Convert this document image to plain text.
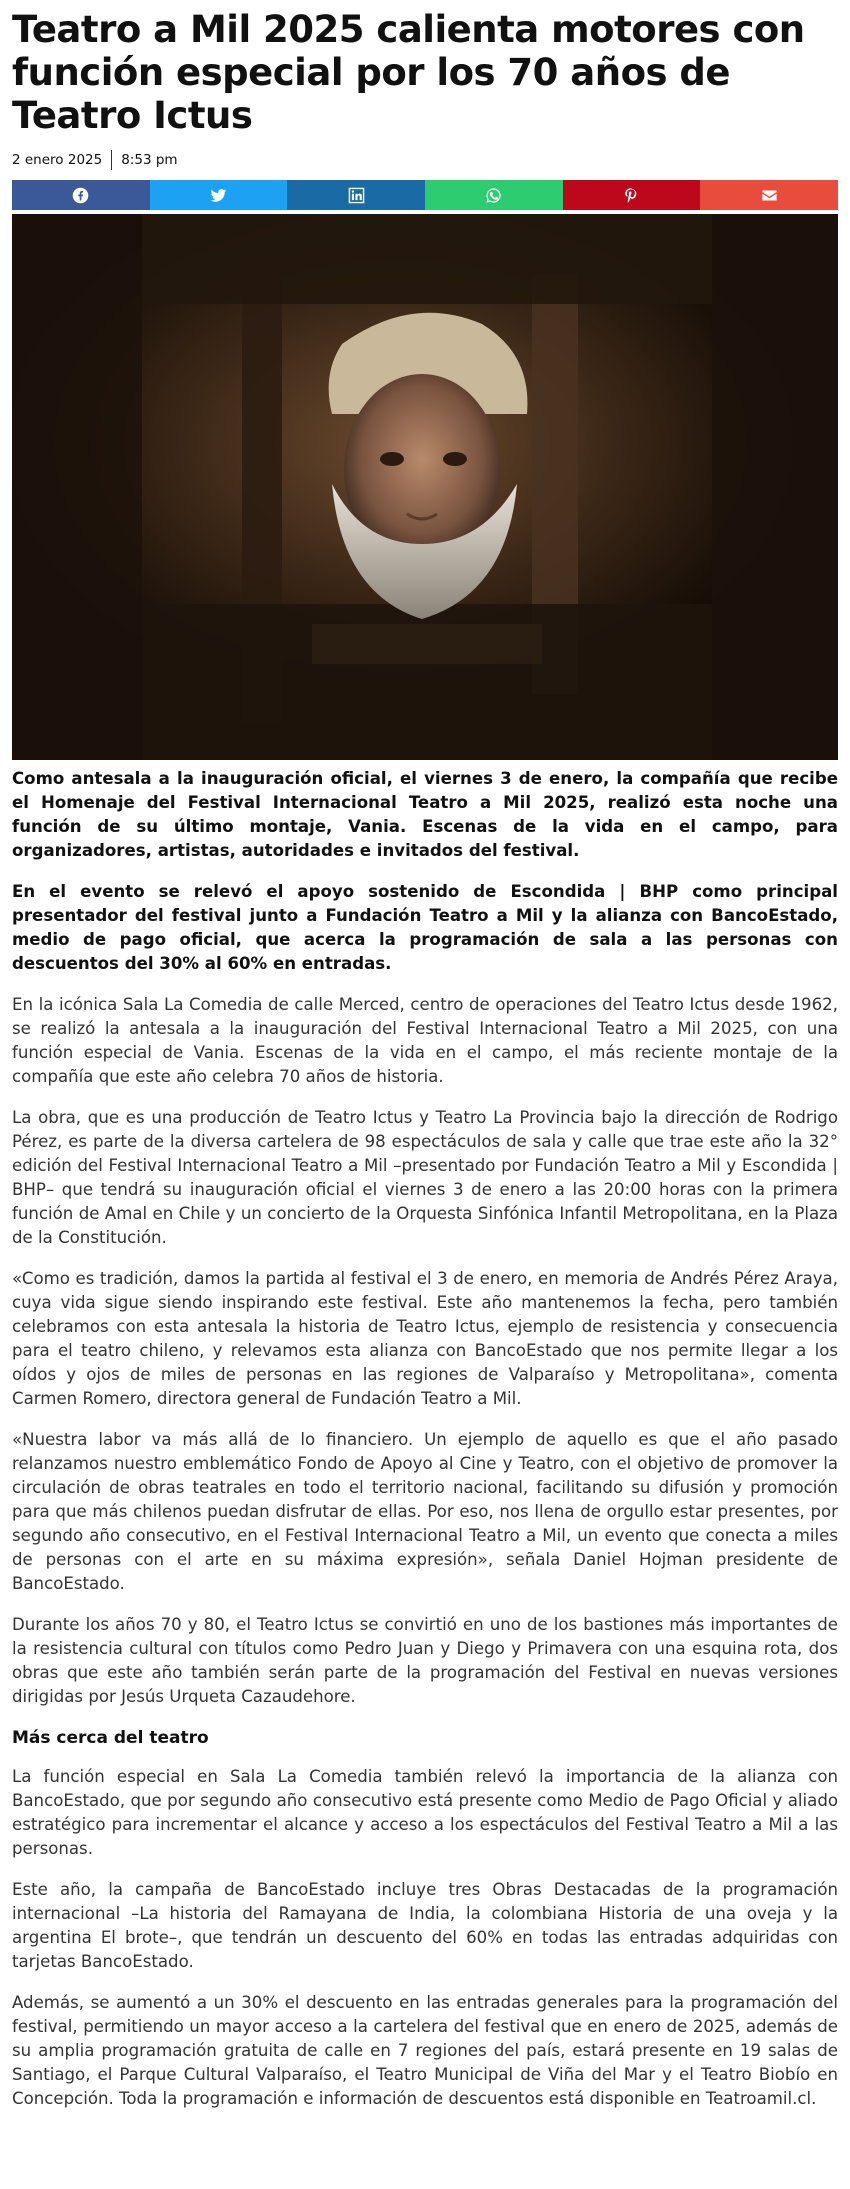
Teatro a Mil 2025 calienta motores con función especial por los 70 años de Teatro Ictus
2 enero 2025 8:53 pm

Como antesala a la inauguración oficial, el viernes 3 de enero, la compañía que recibe el Homenaje del Festival Internacional Teatro a Mil 2025, realizó esta noche una función de su último montaje, Vania. Escenas de la vida en el campo, para organizadores, artistas, autoridades e invitados del festival.

En el evento se relevó el apoyo sostenido de Escondida | BHP como principal presentador del festival junto a Fundación Teatro a Mil y la alianza con BancoEstado, medio de pago oficial, que acerca la programación de sala a las personas con descuentos del 30% al 60% en entradas.

En la icónica Sala La Comedia de calle Merced, centro de operaciones del Teatro Ictus desde 1962, se realizó la antesala a la inauguración del Festival Internacional Teatro a Mil 2025, con una función especial de Vania. Escenas de la vida en el campo, el más reciente montaje de la compañía que este año celebra 70 años de historia.

La obra, que es una producción de Teatro Ictus y Teatro La Provincia bajo la dirección de Rodrigo Pérez, es parte de la diversa cartelera de 98 espectáculos de sala y calle que trae este año la 32° edición del Festival Internacional Teatro a Mil –presentado por Fundación Teatro a Mil y Escondida | BHP– que tendrá su inauguración oficial el viernes 3 de enero a las 20:00 horas con la primera función de Amal en Chile y un concierto de la Orquesta Sinfónica Infantil Metropolitana, en la Plaza de la Constitución.

«Como es tradición, damos la partida al festival el 3 de enero, en memoria de Andrés Pérez Araya, cuya vida sigue siendo inspirando este festival. Este año mantenemos la fecha, pero también celebramos con esta antesala la historia de Teatro Ictus, ejemplo de resistencia y consecuencia para el teatro chileno, y relevamos esta alianza con BancoEstado que nos permite llegar a los oídos y ojos de miles de personas en las regiones de Valparaíso y Metropolitana», comenta Carmen Romero, directora general de Fundación Teatro a Mil.

«Nuestra labor va más allá de lo financiero. Un ejemplo de aquello es que el año pasado relanzamos nuestro emblemático Fondo de Apoyo al Cine y Teatro, con el objetivo de promover la circulación de obras teatrales en todo el territorio nacional, facilitando su difusión y promoción para que más chilenos puedan disfrutar de ellas. Por eso, nos llena de orgullo estar presentes, por segundo año consecutivo, en el Festival Internacional Teatro a Mil, un evento que conecta a miles de personas con el arte en su máxima expresión», señala Daniel Hojman presidente de BancoEstado.

Durante los años 70 y 80, el Teatro Ictus se convirtió en uno de los bastiones más importantes de la resistencia cultural con títulos como Pedro Juan y Diego y Primavera con una esquina rota, dos obras que este año también serán parte de la programación del Festival en nuevas versiones dirigidas por Jesús Urqueta Cazaudehore.

Más cerca del teatro

La función especial en Sala La Comedia también relevó la importancia de la alianza con BancoEstado, que por segundo año consecutivo está presente como Medio de Pago Oficial y aliado estratégico para incrementar el alcance y acceso a los espectáculos del Festival Teatro a Mil a las personas.

Este año, la campaña de BancoEstado incluye tres Obras Destacadas de la programación internacional –La historia del Ramayana de India, la colombiana Historia de una oveja y la argentina El brote–, que tendrán un descuento del 60% en todas las entradas adquiridas con tarjetas BancoEstado.

Además, se aumentó a un 30% el descuento en las entradas generales para la programación del festival, permitiendo un mayor acceso a la cartelera del festival que en enero de 2025, además de su amplia programación gratuita de calle en 7 regiones del país, estará presente en 19 salas de Santiago, el Parque Cultural Valparaíso, el Teatro Municipal de Viña del Mar y el Teatro Biobío en Concepción. Toda la programación e información de descuentos está disponible en Teatroamil.cl.
